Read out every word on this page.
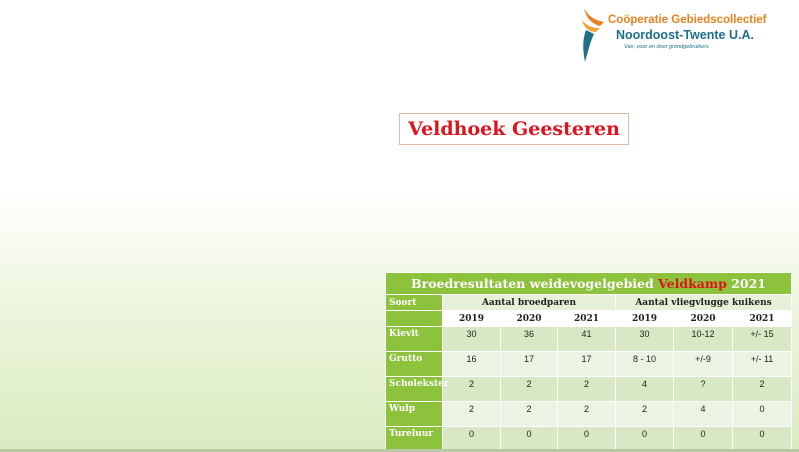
Coöperatie Gebiedscollectief
Noordoost-Twente U.A.
Van, voor en door grondgebruikers
Veldhoek Geesteren
Broedresultaten weidevogelgebied Veldkamp 2021						
Soort	Aantal broedparen			Aantal vliegvlugge kuikens		
	2019	2020	2021	2019	2020	2021
Kievit	30	36	41	30	10-12	+/- 15
Grutto	16	17	17	8 - 10	+/-9	+/- 11
Scholekster	2	2	2	4	?	2
Wulp	2	2	2	2	4	0
Tureluur	0	0	0	0	0	0
